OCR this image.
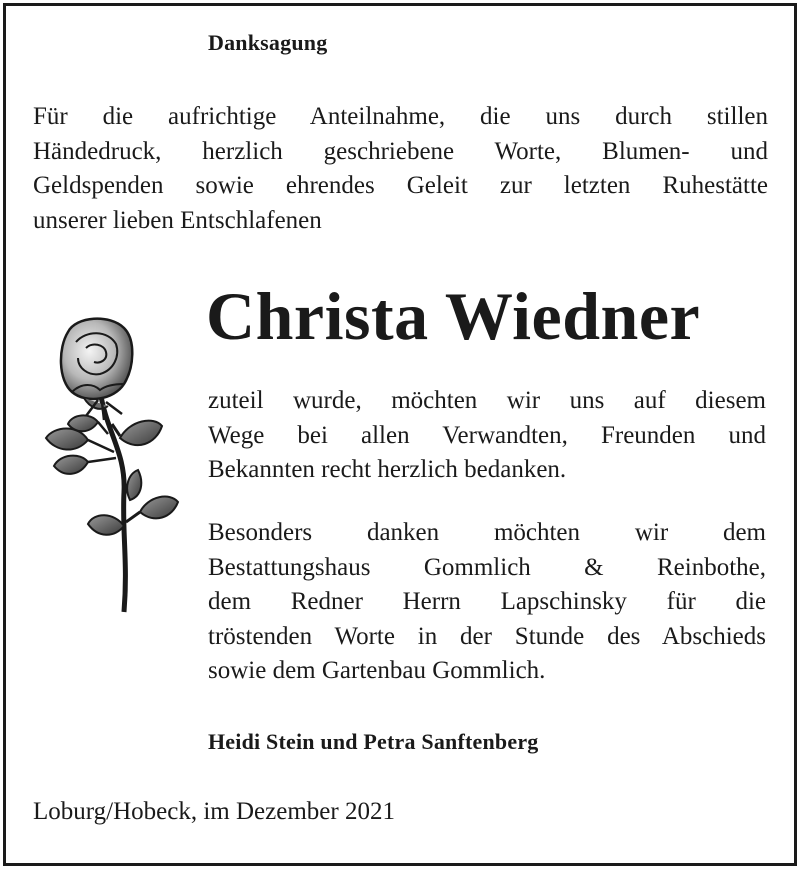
Danksagung
Für die aufrichtige Anteilnahme, die uns durch stillen
Händedruck, herzlich geschriebene Worte, Blumen- und
Geldspenden sowie ehrendes Geleit zur letzten Ruhestätte
unserer lieben Entschlafenen
Christa Wiedner
zuteil wurde, möchten wir uns auf diesem
Wege bei allen Verwandten, Freunden und
Bekannten recht herzlich bedanken.
Besonders danken möchten wir dem
Bestattungshaus Gommlich & Reinbothe,
dem Redner Herrn Lapschinsky für die
tröstenden Worte in der Stunde des Abschieds
sowie dem Gartenbau Gommlich.
Heidi Stein und Petra Sanftenberg
Loburg/Hobeck, im Dezember 2021
